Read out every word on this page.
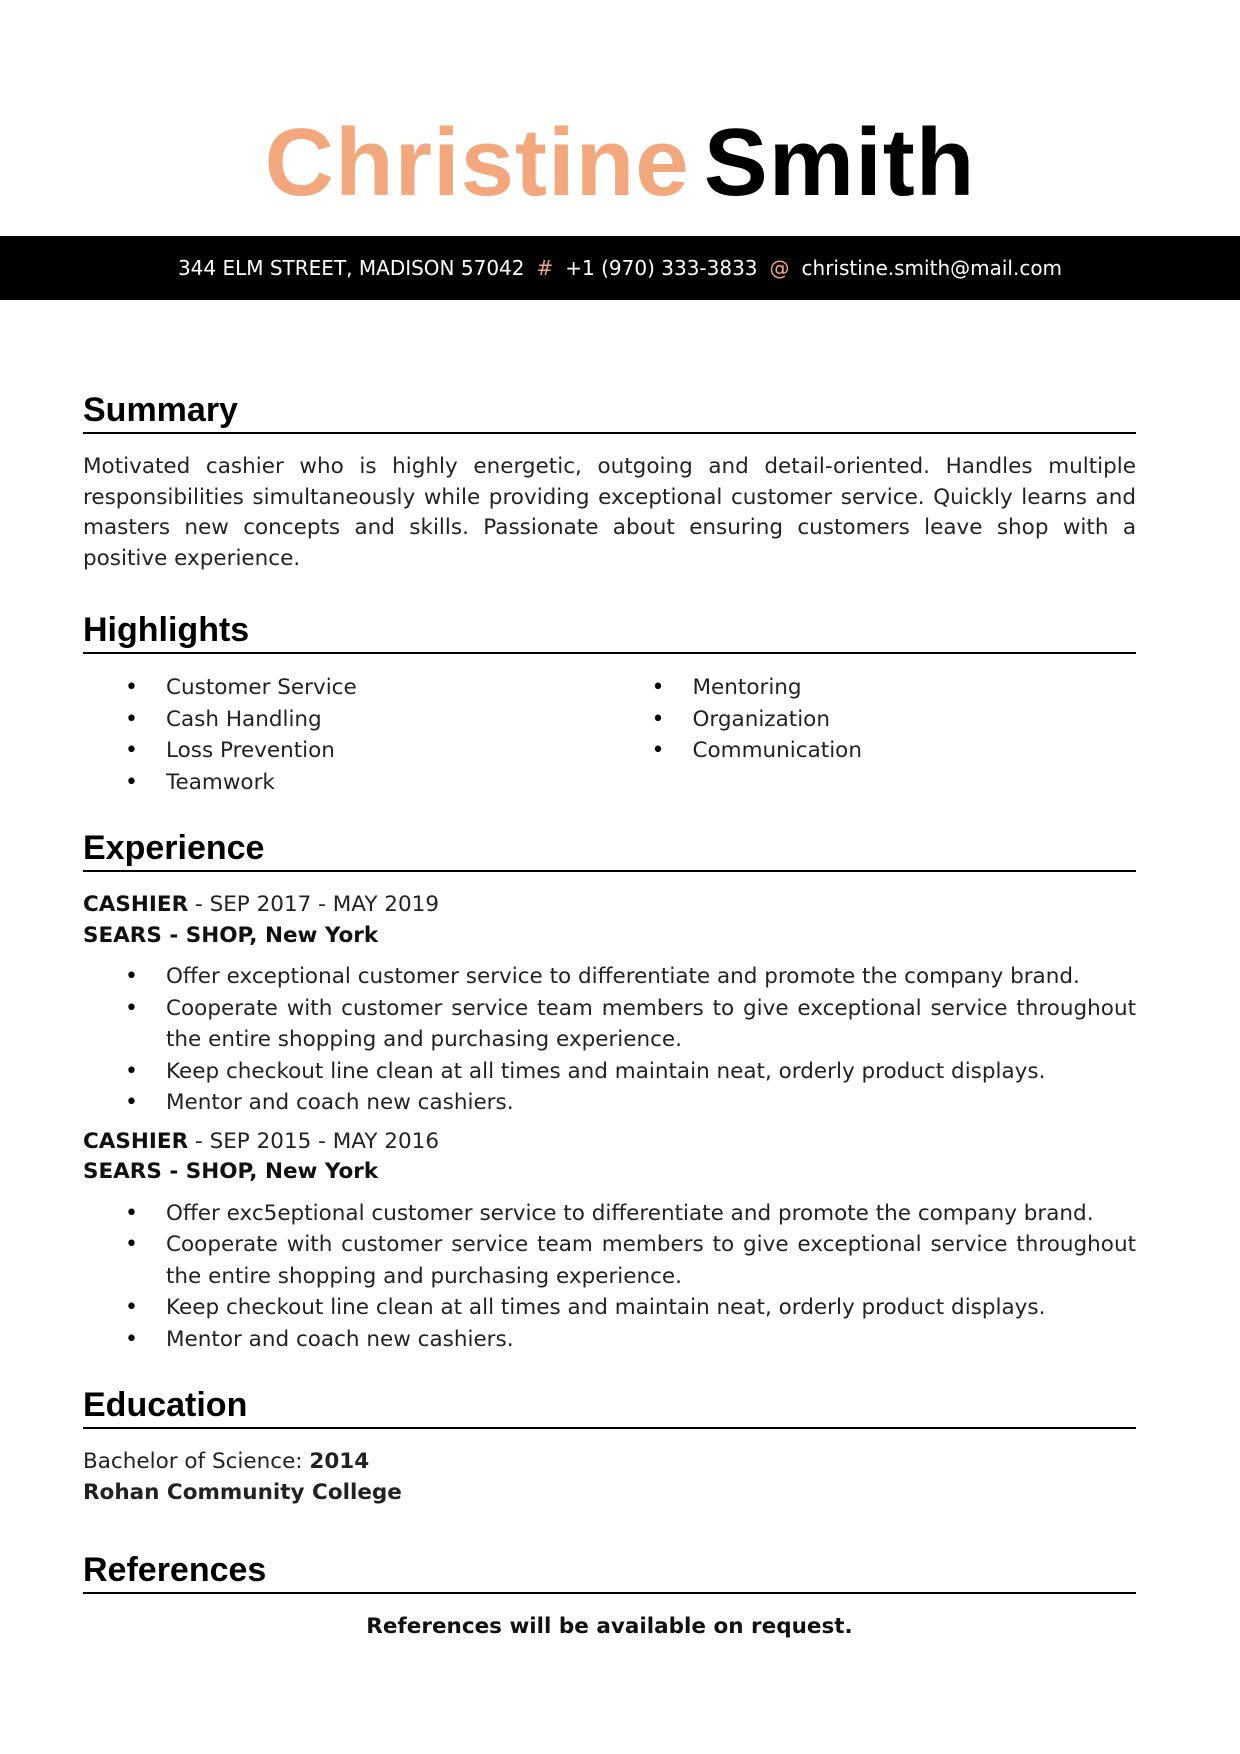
Christine Smith
344 ELM STREET, MADISON 57042 # +1 (970) 333-3833 @ christine.smith@mail.com
Summary

Motivated cashier who is highly energetic, outgoing and detail-oriented. Handles multiple responsibilities simultaneously while providing exceptional customer service. Quickly learns and masters new concepts and skills. Passionate about ensuring customers leave shop with a positive experience.

Highlights
• Customer Service
• Cash Handling
• Loss Prevention
• Teamwork
• Mentoring
• Organization
• Communication
Experience
CASHIER - SEP 2017 - MAY 2019
SEARS - SHOP, New York
• Offer exceptional customer service to differentiate and promote the company brand.
• Cooperate with customer service team members to give exceptional service throughout the entire shopping and purchasing experience.
• Keep checkout line clean at all times and maintain neat, orderly product displays.
• Mentor and coach new cashiers.
CASHIER - SEP 2015 - MAY 2016
SEARS - SHOP, New York
• Offer exc5eptional customer service to differentiate and promote the company brand.
• Cooperate with customer service team members to give exceptional service throughout the entire shopping and purchasing experience.
• Keep checkout line clean at all times and maintain neat, orderly product displays.
• Mentor and coach new cashiers.
Education
Bachelor of Science: 2014
Rohan Community College
References
References will be available on request.
